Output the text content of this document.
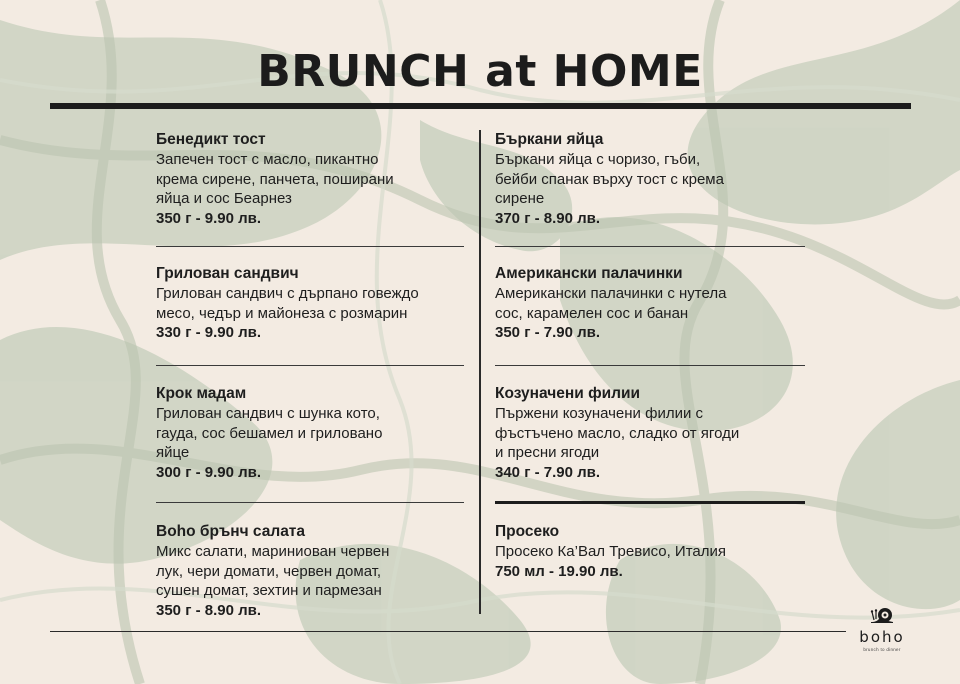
BRUNCH at HOME
Бенедикт тост
Запечен тост с масло, пикантно
крема сирене, панчета, поширани
яйца и сос Беарнез
350 г - 9.90 лв.
Грилован сандвич
Грилован сандвич с дърпано говеждо
месо, чедър и майонеза с розмарин
330 г - 9.90 лв.
Крок мадам
Грилован сандвич с шунка кото,
гауда, сос бешамел и грилованo
яйце
300 г - 9.90 лв.
Boho брънч салата
Микс салати, мариниован червен
лук, чери домати, червен домат,
сушен домат, зехтин и пармезан
350 г - 8.90 лв.
Бъркани яйца
Бъркани яйца с чоризо, гъби,
бейби спанак върху тост с крема
сирене
370 г - 8.90 лв.
Американски палачинки
Американски палачинки с нутела
сос, карамелен сос и банан
350 г - 7.90 лв.
Козуначени филии
Пържени козуначени филии с
фъстъчено масло, сладко от ягоди
и пресни ягоди
340 г - 7.90 лв.
Просеко
Просеко Ка’Вал Тревисо, Италия
750 мл - 19.90 лв.
boho
brunch to dinner
